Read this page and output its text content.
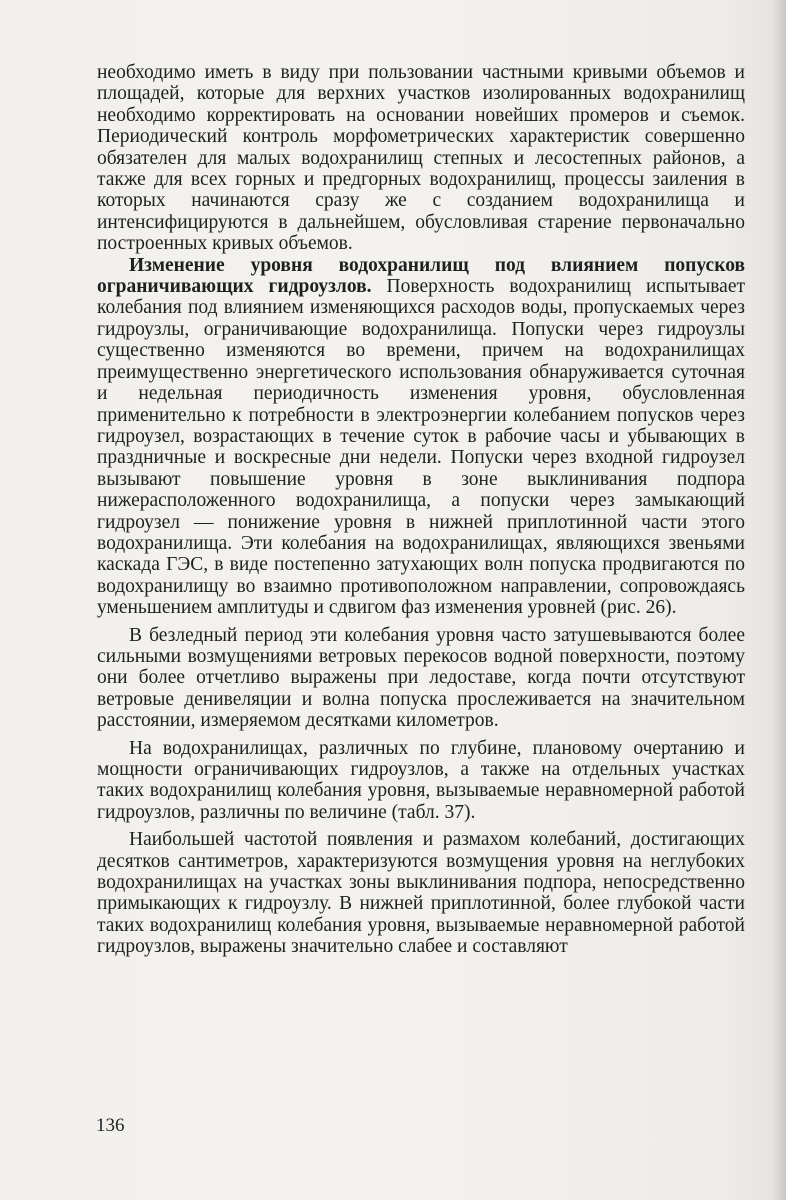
необходимо иметь в виду при пользовании частными кривыми объемов и площадей, которые для верхних участков изолированных водохранилищ необходимо корректировать на основании новейших промеров и съемок. Периодический контроль морфометрических характеристик совершенно обязателен для малых водохранилищ степных и лесостепных районов, а также для всех горных и предгорных водохранилищ, процессы заиления в которых начинаются сразу же с созданием водохранилища и интенсифицируются в дальнейшем, обусловливая старение первоначально построенных кривых объемов.

Изменение уровня водохранилищ под влиянием попусков ограничивающих гидроузлов. Поверхность водохранилищ испытывает колебания под влиянием изменяющихся расходов воды, пропускаемых через гидроузлы, ограничивающие водохранилища. Попуски через гидроузлы существенно изменяются во времени, причем на водохранилищах преимущественно энергетического использования обнаруживается суточная и недельная периодичность изменения уровня, обусловленная применительно к потребности в электроэнергии колебанием попусков через гидроузел, возрастающих в течение суток в рабочие часы и убывающих в праздничные и воскресные дни недели. Попуски через входной гидроузел вызывают повышение уровня в зоне выклинивания подпора нижерасположенного водохранилища, а попуски через замыкающий гидроузел — понижение уровня в нижней приплотинной части этого водохранилища. Эти колебания на водохранилищах, являющихся звеньями каскада ГЭС, в виде постепенно затухающих волн попуска продвигаются по водохранилищу во взаимно противоположном направлении, сопровождаясь уменьшением амплитуды и сдвигом фаз изменения уровней (рис. 26).

В безледный период эти колебания уровня часто затушевываются более сильными возмущениями ветровых перекосов водной поверхности, поэтому они более отчетливо выражены при ледоставе, когда почти отсутствуют ветровые денивеляции и волна попуска прослеживается на значительном расстоянии, измеряемом десятками километров.

На водохранилищах, различных по глубине, плановому очертанию и мощности ограничивающих гидроузлов, а также на отдельных участках таких водохранилищ колебания уровня, вызываемые неравномерной работой гидроузлов, различны по величине (табл. 37).

Наибольшей частотой появления и размахом колебаний, достигающих десятков сантиметров, характеризуются возмущения уровня на неглубоких водохранилищах на участках зоны выклинивания подпора, непосредственно примыкающих к гидроузлу. В нижней приплотинной, более глубокой части таких водохранилищ колебания уровня, вызываемые неравномерной работой гидроузлов, выражены значительно слабее и составляют

136
